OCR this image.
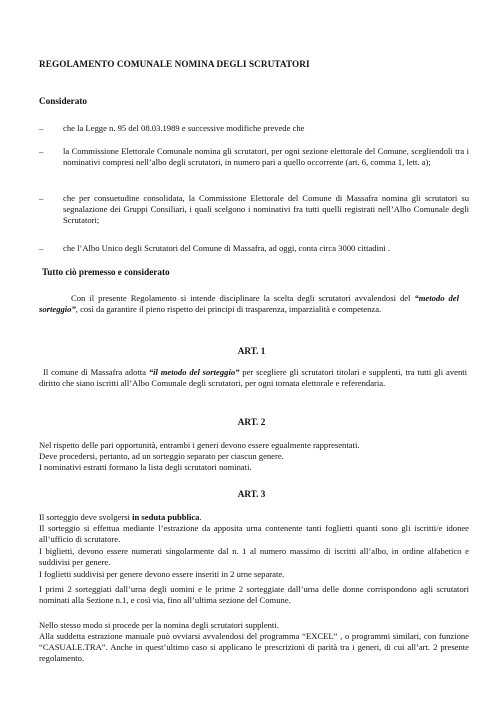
REGOLAMENTO COMUNALE NOMINA DEGLI SCRUTATORI
Considerato
– che la Legge n. 95 del 08.03.1989 e successive modifiche prevede che
– la Commissione Elettorale Comunale nomina gli scrutatori, per ogni sezione elettorale del Comune, scegliendoli tra i nominativi compresi nell’albo degli scrutatori, in numero pari a quello occorrente (art. 6, comma 1, lett. a);
– che per consuetudine consolidata, la Commissione Elettorale del Comune di Massafra nomina gli scrutatori su segnalazione dei Gruppi Consiliari, i quali scelgono i nominativi fra tutti quelli registrati nell’Albo Comunale degli Scrutatori;
– che l’Albo Unico degli Scrutatori del Comune di Massafra, ad oggi, conta circa 3000 cittadini .
Tutto ciò premesso e considerato
Con il presente Regolamento si intende disciplinare la scelta degli scrutatori avvalendosi del “metodo del sorteggio”, così da garantire il pieno rispetto dei principi di trasparenza, imparzialità e competenza.
ART. 1
Il comune di Massafra adotta “il metodo del sorteggio” per scegliere gli scrutatori titolari e supplenti, tra tutti gli aventi diritto che siano iscritti all’Albo Comunale degli scrutatori, per ogni tornata elettorale e referendaria.
ART. 2
Nel rispetto delle pari opportunità, entrambi i generi devono essere egualmente rappresentati.
Deve procedersi, pertanto, ad un sorteggio separato per ciascun genere.
I nominativi estratti formano la lista degli scrutatori nominati.
ART. 3
Il sorteggio deve svolgersi in seduta pubblica.
Il sorteggio si effettua mediante l’estrazione da apposita urna contenente tanti foglietti quanti sono gli iscritti/e idonee all’ufficio di scrutatore.
I biglietti, devono essere numerati singolarmente dal n. 1 al numero massimo di iscritti all’albo, in ordine alfabetico e suddivisi per genere.
I foglietti suddivisi per genere devono essere inseriti in 2 urne separate.
I primi 2 sorteggiati dall’urna degli uomini e le prime 2 sorteggiate dall’urna delle donne corrispondono agli scrutatori nominati alla Sezione n.1, e così via, fino all’ultima sezione del Comune.
Nello stesso modo si procede per la nomina degli scrutatori supplenti.
Alla suddetta estrazione manuale può ovviarsi avvalendosi del programma “EXCEL” , o programmi similari, con funzione “CASUALE.TRA”. Anche in quest’ultimo caso si applicano le prescrizioni di parità tra i generi, di cui all’art. 2 presente regolamento.
